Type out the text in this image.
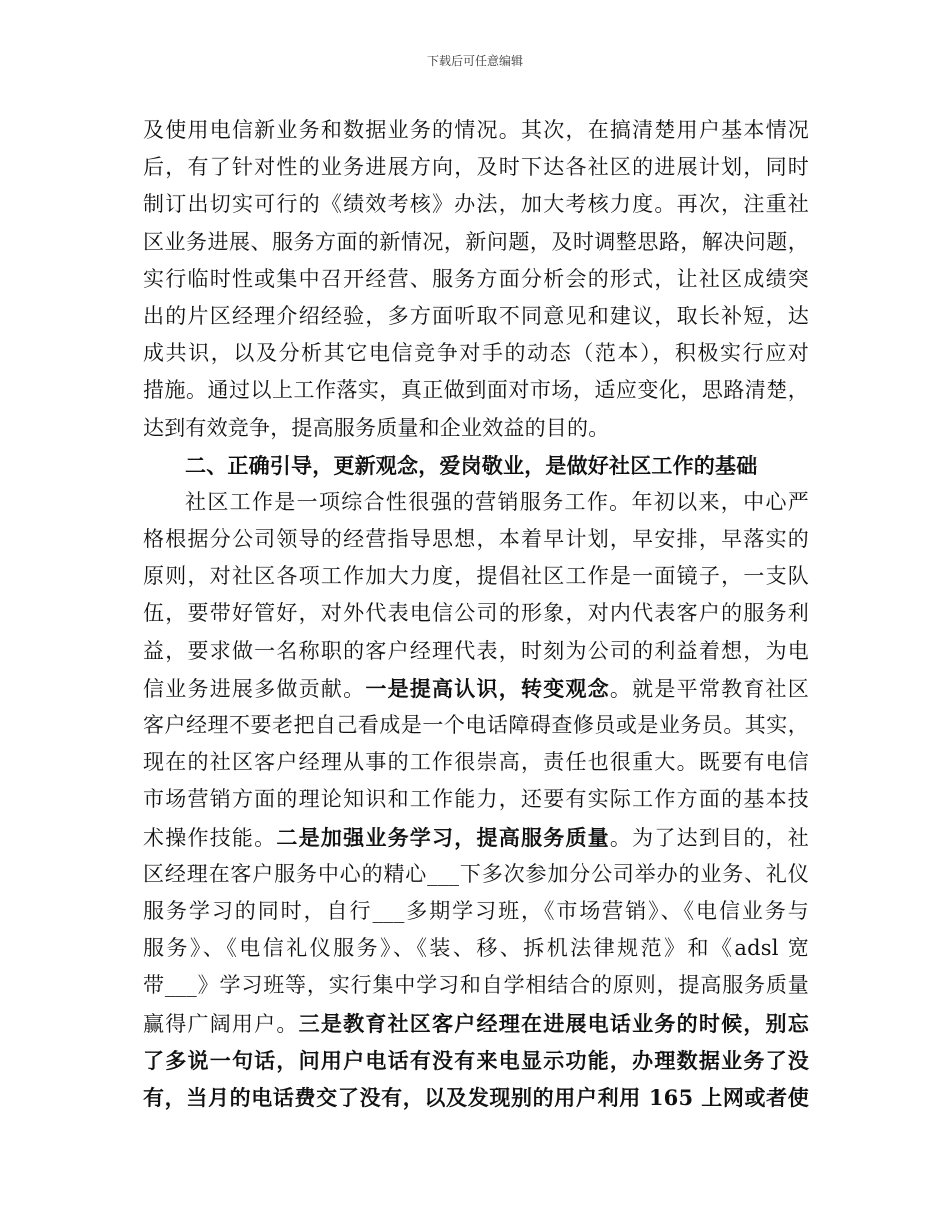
下载后可任意编辑
及使用电信新业务和数据业务的情况。其次，在搞清楚用户基本情况
后，有了针对性的业务进展方向，及时下达各社区的进展计划，同时
制订出切实可行的《绩效考核》办法，加大考核力度。再次，注重社
区业务进展、服务方面的新情况，新问题，及时调整思路，解决问题，
实行临时性或集中召开经营、服务方面分析会的形式，让社区成绩突
出的片区经理介绍经验，多方面听取不同意见和建议，取长补短，达
成共识，以及分析其它电信竞争对手的动态（范本），积极实行应对
措施。通过以上工作落实，真正做到面对市场，适应变化，思路清楚，
达到有效竞争，提高服务质量和企业效益的目的。
二、正确引导，更新观念，爱岗敬业，是做好社区工作的基础
社区工作是一项综合性很强的营销服务工作。年初以来，中心严
格根据分公司领导的经营指导思想，本着早计划，早安排，早落实的
原则，对社区各项工作加大力度，提倡社区工作是一面镜子，一支队
伍，要带好管好，对外代表电信公司的形象，对内代表客户的服务利
益，要求做一名称职的客户经理代表，时刻为公司的利益着想，为电
信业务进展多做贡献。一是提高认识，转变观念。就是平常教育社区
客户经理不要老把自己看成是一个电话障碍查修员或是业务员。其实，
现在的社区客户经理从事的工作很崇高，责任也很重大。既要有电信
市场营销方面的理论知识和工作能力，还要有实际工作方面的基本技
术操作技能。二是加强业务学习，提高服务质量。为了达到目的，社
区经理在客户服务中心的精心___下多次参加分公司举办的业务、礼仪
服务学习的同时，自行___多期学习班，《市场营销》、《电信业务与
服务》、《电信礼仪服务》、《装、移、拆机法律规范》和《adsl 宽
带___》学习班等，实行集中学习和自学相结合的原则，提高服务质量
赢得广阔用户。三是教育社区客户经理在进展电话业务的时候，别忘
了多说一句话，问用户电话有没有来电显示功能，办理数据业务了没
有，当月的电话费交了没有，以及发现别的用户利用 165 上网或者使
